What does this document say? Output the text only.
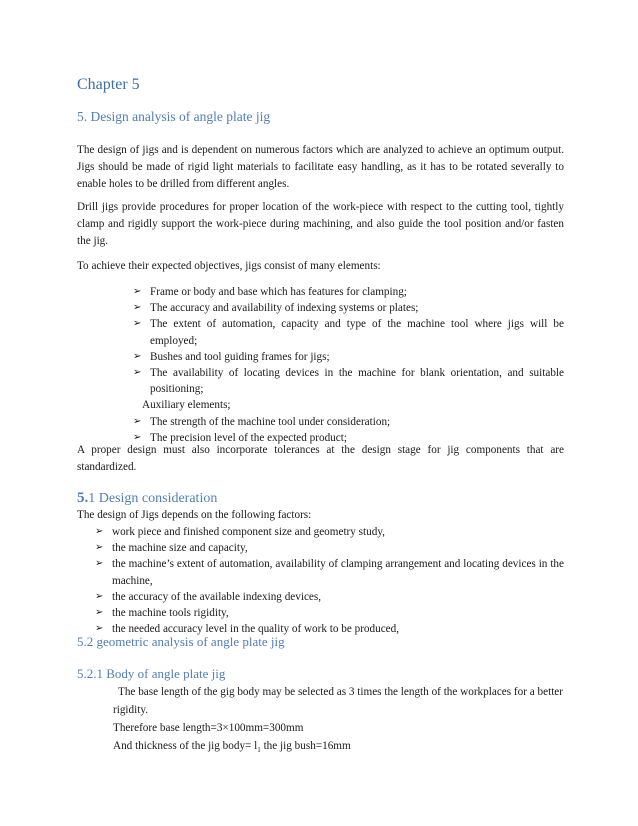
Chapter 5
5. Design analysis of angle plate jig

The design of jigs and is dependent on numerous factors which are analyzed to achieve an optimum output. Jigs should be made of rigid light materials to facilitate easy handling, as it has to be rotated severally to enable holes to be drilled from different angles.

Drill jigs provide procedures for proper location of the work-piece with respect to the cutting tool, tightly clamp and rigidly support the work-piece during machining, and also guide the tool position and/or fasten the jig.

To achieve their expected objectives, jigs consist of many elements:

➢ Frame or body and base which has features for clamping;
➢ The accuracy and availability of indexing systems or plates;
➢ The extent of automation, capacity and type of the machine tool where jigs will be employed;
➢ Bushes and tool guiding frames for jigs;
➢ The availability of locating devices in the machine for blank orientation, and suitable positioning;
Auxiliary elements;
➢ The strength of the machine tool under consideration;
➢ The precision level of the expected product;

A proper design must also incorporate tolerances at the design stage for jig components that are standardized.

5.1 Design consideration

The design of Jigs depends on the following factors:

➢ work piece and finished component size and geometry study,
➢ the machine size and capacity,
➢ the machine’s extent of automation, availability of clamping arrangement and locating devices in the machine,
➢ the accuracy of the available indexing devices,
➢ the machine tools rigidity,
➢ the needed accuracy level in the quality of work to be produced,
5.2 geometric analysis of angle plate jig
5.2.1 Body of angle plate jig

The base length of the gig body may be selected as 3 times the length of the workplaces for a better rigidity.

Therefore base length=3×100mm=300mm

And thickness of the jig body= $l_1$ the jig bush=16mm
